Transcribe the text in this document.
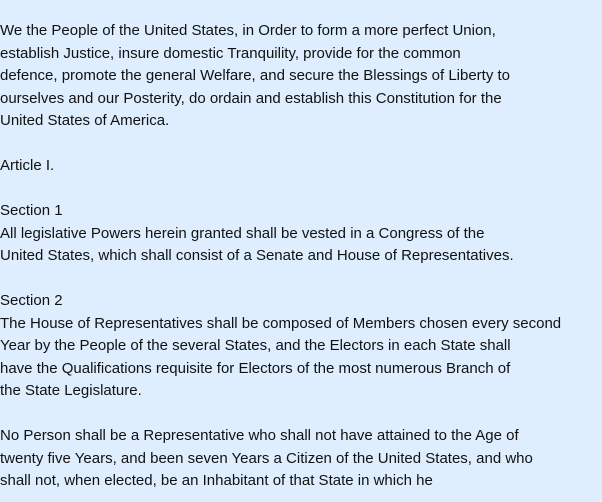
We the People of the United States, in Order to form a more perfect Union,
establish Justice, insure domestic Tranquility, provide for the common
defence, promote the general Welfare, and secure the Blessings of Liberty to
ourselves and our Posterity, do ordain and establish this Constitution for the
United States of America.
Article I.
Section 1
All legislative Powers herein granted shall be vested in a Congress of the
United States, which shall consist of a Senate and House of Representatives.
Section 2
The House of Representatives shall be composed of Members chosen every second
Year by the People of the several States, and the Electors in each State shall
have the Qualifications requisite for Electors of the most numerous Branch of
the State Legislature.
No Person shall be a Representative who shall not have attained to the Age of
twenty five Years, and been seven Years a Citizen of the United States, and who
shall not, when elected, be an Inhabitant of that State in which he
